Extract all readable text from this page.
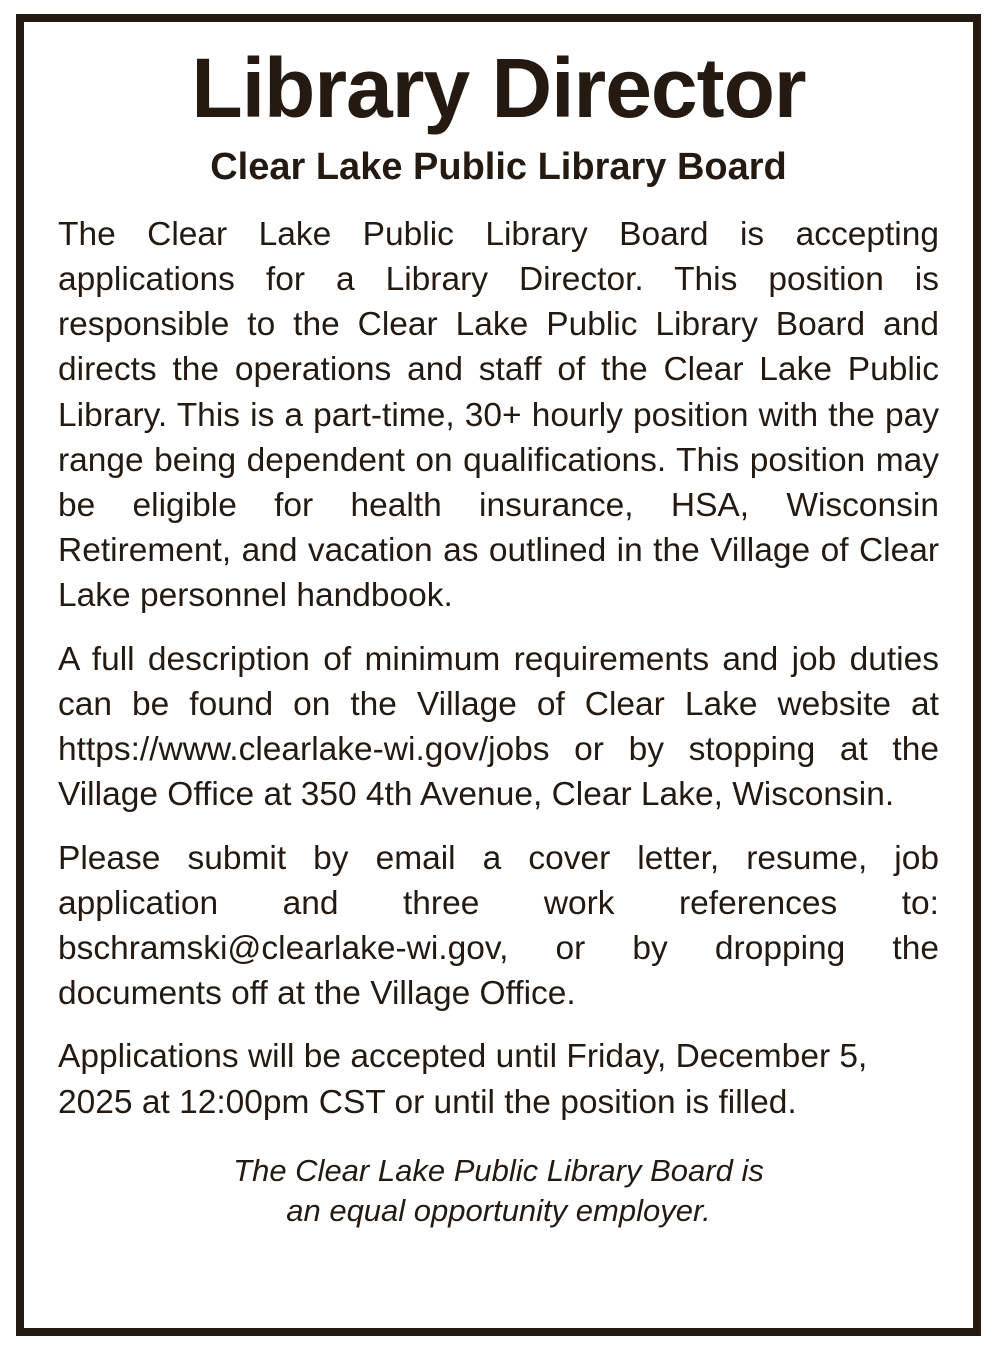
Library Director
Clear Lake Public Library Board

The Clear Lake Public Library Board is accepting applications for a Library Director. This position is responsible to the Clear Lake Public Library Board and directs the operations and staff of the Clear Lake Public Library. This is a part-time, 30+ hourly position with the pay range being dependent on qualifications. This position may be eligible for health insurance, HSA, Wisconsin Retirement, and vacation as outlined in the Village of Clear Lake personnel handbook.

A full description of minimum requirements and job duties can be found on the Village of Clear Lake website at https://www.clearlake-wi.gov/jobs or by stopping at the Village Office at 350 4th Avenue, Clear Lake, Wisconsin.

Please submit by email a cover letter, resume, job application and three work references to: bschramski@clearlake-wi.gov, or by dropping the documents off at the Village Office.

Applications will be accepted until Friday, December 5, 2025 at 12:00pm CST or until the position is filled.

The Clear Lake Public Library Board is
an equal opportunity employer.
